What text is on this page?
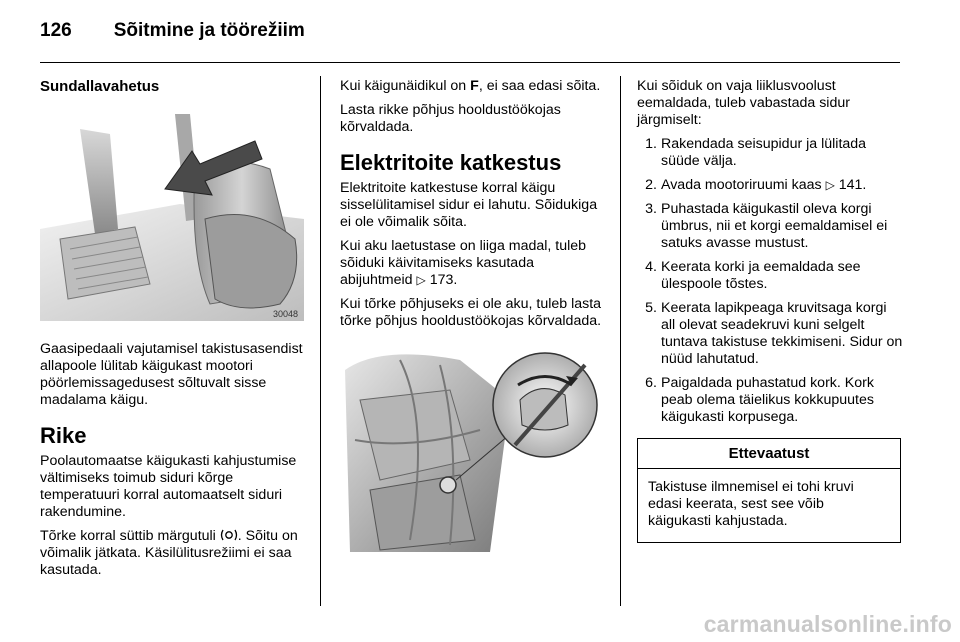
126 Sõitmine ja töörežiim
Sundallavahetus
30048

Gaasipedaali vajutamisel takistusasendist allapoole lülitab käigukast mootori pöörlemissagedusest sõltuvalt sisse madalama käigu.

Rike

Poolautomaatse käigukasti kahjustumise vältimiseks toimub siduri kõrge temperatuuri korral automaatselt siduri rakendumine.

Tõrke korral süttib märgutuli . Sõitu on võimalik jätkata. Käsilülitusrežiimi ei saa kasutada.

Kui käigunäidikul on F, ei saa edasi sõita.

Lasta rikke põhjus hooldustöökojas kõrvaldada.

Elektritoite katkestus

Elektritoite katkestuse korral käigu sisselülitamisel sidur ei lahutu. Sõidukiga ei ole võimalik sõita.

Kui aku laetustase on liiga madal, tuleb sõiduki käivitamiseks kasutada abijuhtmeid ▷ 173.

Kui tõrke põhjuseks ei ole aku, tuleb lasta tõrke põhjus hooldustöökojas kõrvaldada.

Kui sõiduk on vaja liiklusvoolust eemaldada, tuleb vabastada sidur järgmiselt:

1. Rakendada seisupidur ja lülitada süüde välja.
2. Avada mootoriruumi kaas ▷ 141.
3. Puhastada käigukastil oleva korgi ümbrus, nii et korgi eemaldamisel ei satuks avasse mustust.
4. Keerata korki ja eemaldada see ülespoole tõstes.
5. Keerata lapikpeaga kruvitsaga korgi all olevat seadekruvi kuni selgelt tuntava takistuse tekkimiseni. Sidur on nüüd lahutatud.
6. Paigaldada puhastatud kork. Kork peab olema täielikus kokkupuutes käigukasti korpusega.
Ettevaatust
Takistuse ilmnemisel ei tohi kruvi edasi keerata, sest see võib käigukasti kahjustada.
carmanualsonline.info
